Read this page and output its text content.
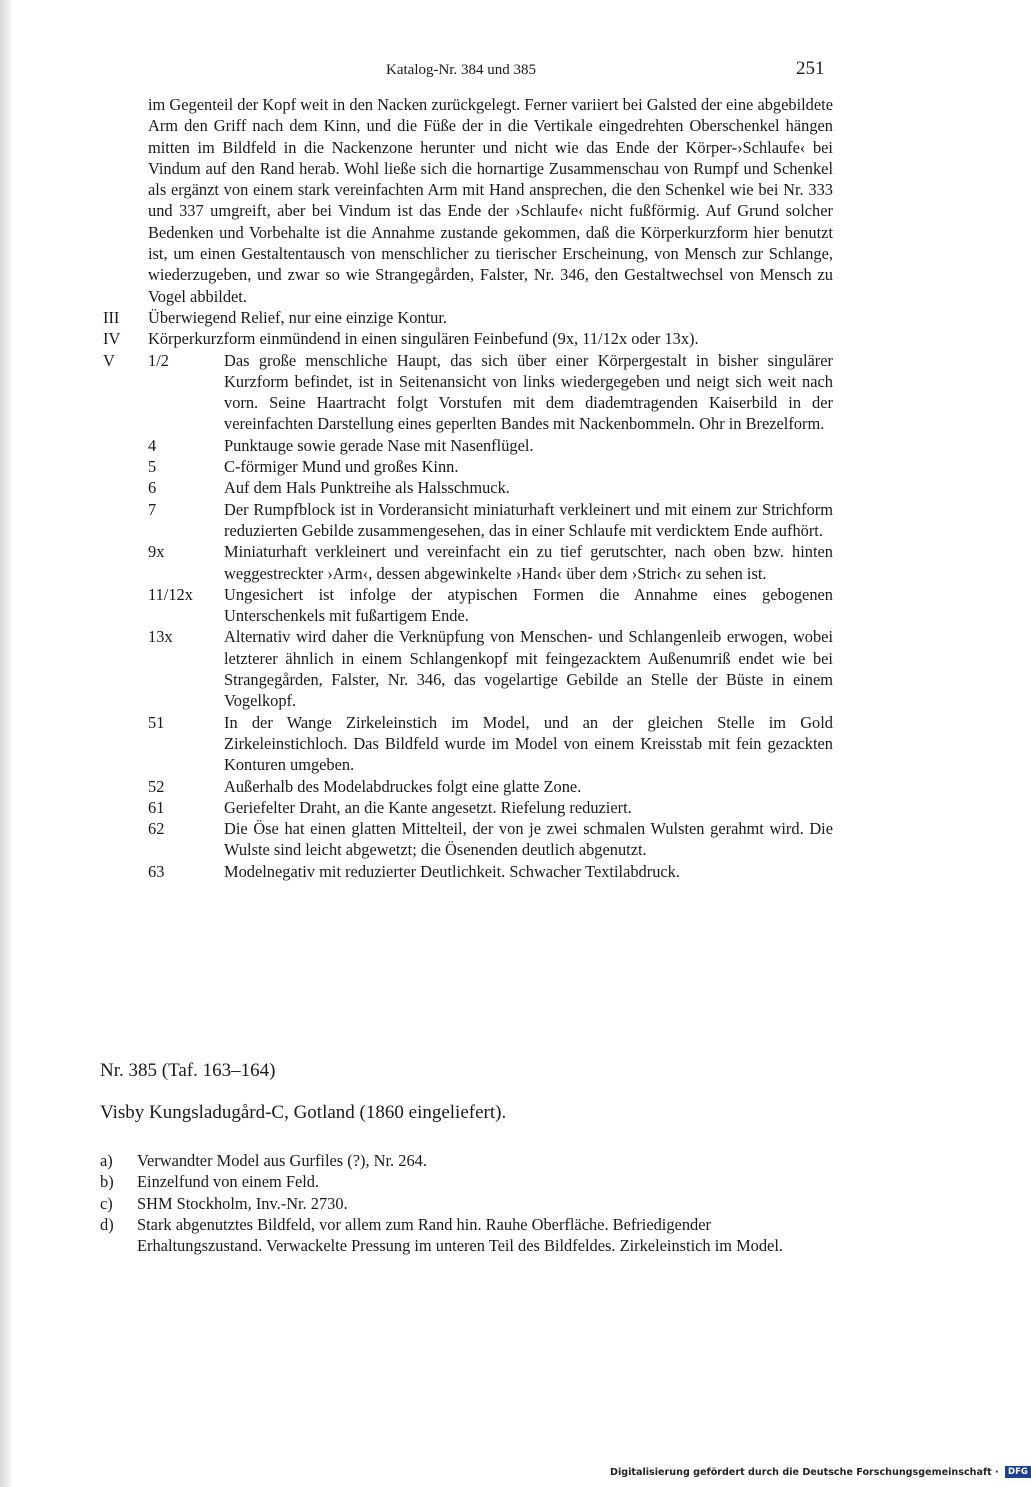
Katalog-Nr. 384 und 385	251

im Gegenteil der Kopf weit in den Nacken zurückgelegt. Ferner variiert bei Galsted der eine abgebildete Arm den Griff nach dem Kinn, und die Füße der in die Vertikale eingedrehten Oberschenkel hängen mitten im Bildfeld in die Nackenzone herunter und nicht wie das Ende der Körper-›Schlaufe‹ bei Vindum auf den Rand herab. Wohl ließe sich die hornartige Zusammenschau von Rumpf und Schenkel als ergänzt von einem stark vereinfachten Arm mit Hand ansprechen, die den Schenkel wie bei Nr. 333 und 337 umgreift, aber bei Vindum ist das Ende der ›Schlaufe‹ nicht fußförmig. Auf Grund solcher Bedenken und Vorbehalte ist die Annahme zustande gekommen, daß die Körperkurzform hier benutzt ist, um einen Gestaltentausch von menschlicher zu tierischer Erscheinung, von Mensch zur Schlange, wiederzugeben, und zwar so wie Strangegården, Falster, Nr. 346, den Gestaltwechsel von Mensch zu Vogel abbildet.

III Überwiegend Relief, nur eine einzige Kontur.
IV Körperkurzform einmündend in einen singulären Feinbefund (9x, 11/12x oder 13x).
V 1/2	Das große menschliche Haupt, das sich über einer Körpergestalt in bisher singulärer Kurzform befindet, ist in Seitenansicht von links wiedergegeben und neigt sich weit nach vorn. Seine Haartracht folgt Vorstufen mit dem diademtragenden Kaiserbild in der vereinfachten Darstellung eines geperlten Bandes mit Nackenbommeln. Ohr in Brezelform.
4	Punktauge sowie gerade Nase mit Nasenflügel.
5	C-förmiger Mund und großes Kinn.
6	Auf dem Hals Punktreihe als Halsschmuck.
7	Der Rumpfblock ist in Vorderansicht miniaturhaft verkleinert und mit einem zur Strichform reduzierten Gebilde zusammengesehen, das in einer Schlaufe mit verdicktem Ende aufhört.
9x	Miniaturhaft verkleinert und vereinfacht ein zu tief gerutschter, nach oben bzw. hinten weggestreckter ›Arm‹, dessen abgewinkelte ›Hand‹ über dem ›Strich‹ zu sehen ist.
11/12x Ungesichert ist infolge der atypischen Formen die Annahme eines gebogenen Unterschenkels mit fußartigem Ende.
13x	Alternativ wird daher die Verknüpfung von Menschen- und Schlangenleib erwogen, wobei letzterer ähnlich in einem Schlangenkopf mit feingezacktem Außenumriß endet wie bei Strangegården, Falster, Nr. 346, das vogelartige Gebilde an Stelle der Büste in einem Vogelkopf.
51	In der Wange Zirkeleinstich im Model, und an der gleichen Stelle im Gold Zirkeleinstichloch. Das Bildfeld wurde im Model von einem Kreisstab mit fein gezackten Konturen umgeben.
52	Außerhalb des Modelabdruckes folgt eine glatte Zone.
61	Geriefelter Draht, an die Kante angesetzt. Riefelung reduziert.
62	Die Öse hat einen glatten Mittelteil, der von je zwei schmalen Wulsten gerahmt wird. Die Wulste sind leicht abgewetzt; die Ösenenden deutlich abgenutzt.
63	Modelnegativ mit reduzierter Deutlichkeit. Schwacher Textilabdruck.
Nr. 385 (Taf. 163–164)
Visby Kungsladugård-C, Gotland (1860 eingeliefert).
a) Verwandter Model aus Gurfiles (?), Nr. 264.
b) Einzelfund von einem Feld.
c) SHM Stockholm, Inv.-Nr. 2730.
d) Stark abgenutztes Bildfeld, vor allem zum Rand hin. Rauhe Oberfläche. Befriedigender Erhaltungszustand. Verwackelte Pressung im unteren Teil des Bildfeldes. Zirkeleinstich im Model.
Digitalisierung gefördert durch die Deutsche Forschungsgemeinschaft · DFG
